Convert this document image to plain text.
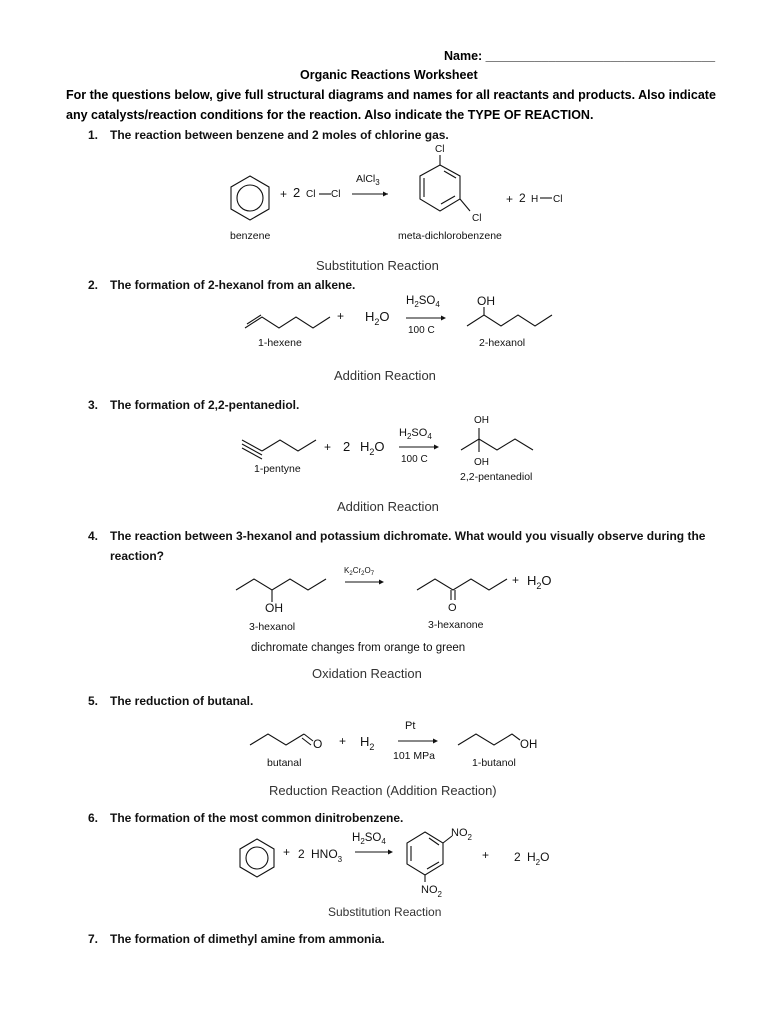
Name: _________________________________
Organic Reactions Worksheet
For the questions below, give full structural diagrams and names for all reactants and products. Also indicate
any catalysts/reaction conditions for the reaction. Also indicate the TYPE OF REACTION.
1. The reaction between benzene and 2 moles of chlorine gas.
2. The formation of 2-hexanol from an alkene.
3. The formation of 2,2-pentanediol.
4. The reaction between 3-hexanol and potassium dichromate. What would you visually observe during the
reaction?
5. The reduction of butanal.
6. The formation of the most common dinitrobenzene.
7. The formation of dimethyl amine from ammonia.
benzene	meta-dichlorobenzene
Substitution Reaction
1-hexene	2-hexanol
Addition Reaction
1-pentyne
2,2-pentanediol
Addition Reaction
3-hexanol	3-hexanone
dichromate changes from orange to green
Oxidation Reaction
butanal	1-butanol
Reduction Reaction (Addition Reaction)
Substitution Reaction
+ 2 Cl Cl
AlCl$_3$
Cl
Cl
+ 2 H Cl
+ $H_2O$
$H_2SO_4$
100 C
OH
+ 2 $H_2O$
$H_2SO_4$
100 C
OH
OH
OH
$K_2Cr_2O_7$
O
+ $H_2O$
$O + H_2$
Pt
101 MPa
OH
+ 2 $HNO_3$
$H_2SO_4$
$NO_2$
$NO_2$
+ 2 $H_2O$
